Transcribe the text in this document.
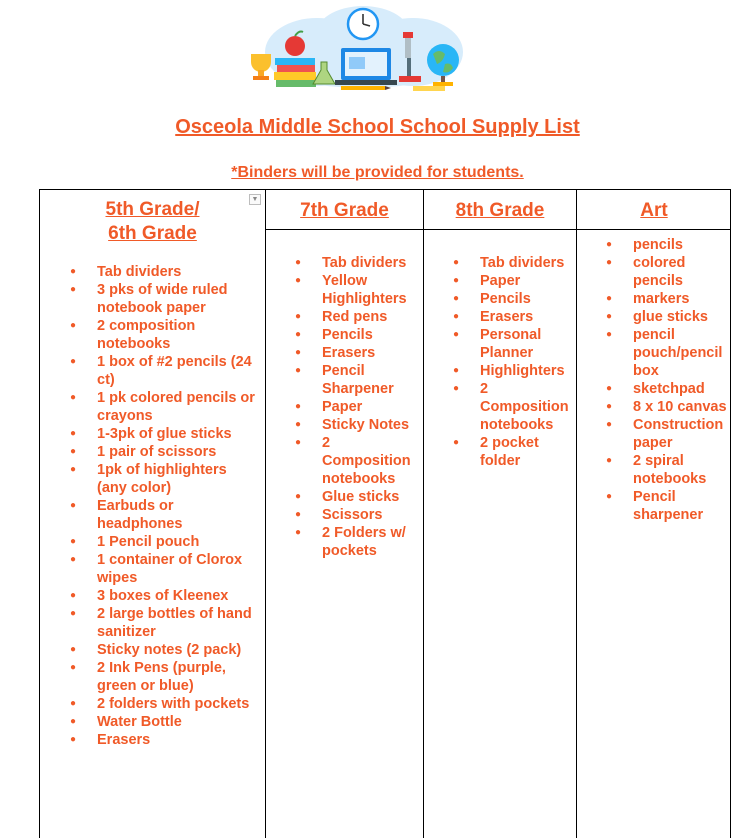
Osceola Middle School School Supply List
*Binders will be provided for students.
▼
5th Grade/
6th Grade
● Tab dividers
● 3 pks of wide ruled notebook paper
● 2 composition notebooks
● 1 box of #2 pencils (24 ct)
● 1 pk colored pencils or crayons
● 1-3pk of glue sticks
● 1 pair of scissors
● 1pk of highlighters (any color)
● Earbuds or headphones
● 1 Pencil pouch
● 1 container of Clorox wipes
● 3 boxes of Kleenex
● 2 large bottles of hand sanitizer
● Sticky notes (2 pack)
● 2 Ink Pens (purple, green or blue)
● 2 folders with pockets
● Water Bottle
● Erasers
7th Grade
● Tab dividers
● Yellow Highlighters
● Red pens
● Pencils
● Erasers
● Pencil Sharpener
● Paper
● Sticky Notes
● 2 Composition notebooks
● Glue sticks
● Scissors
● 2 Folders w/ pockets
8th Grade
● Tab dividers
● Paper
● Pencils
● Erasers
● Personal Planner
● Highlighters
● 2 Composition notebooks
● 2 pocket folder
Art
● pencils
● colored pencils
● markers
● glue sticks
● pencil pouch/pencil box
● sketchpad
● 8 x 10 canvas
● Construction paper
● 2 spiral notebooks
● Pencil sharpener
